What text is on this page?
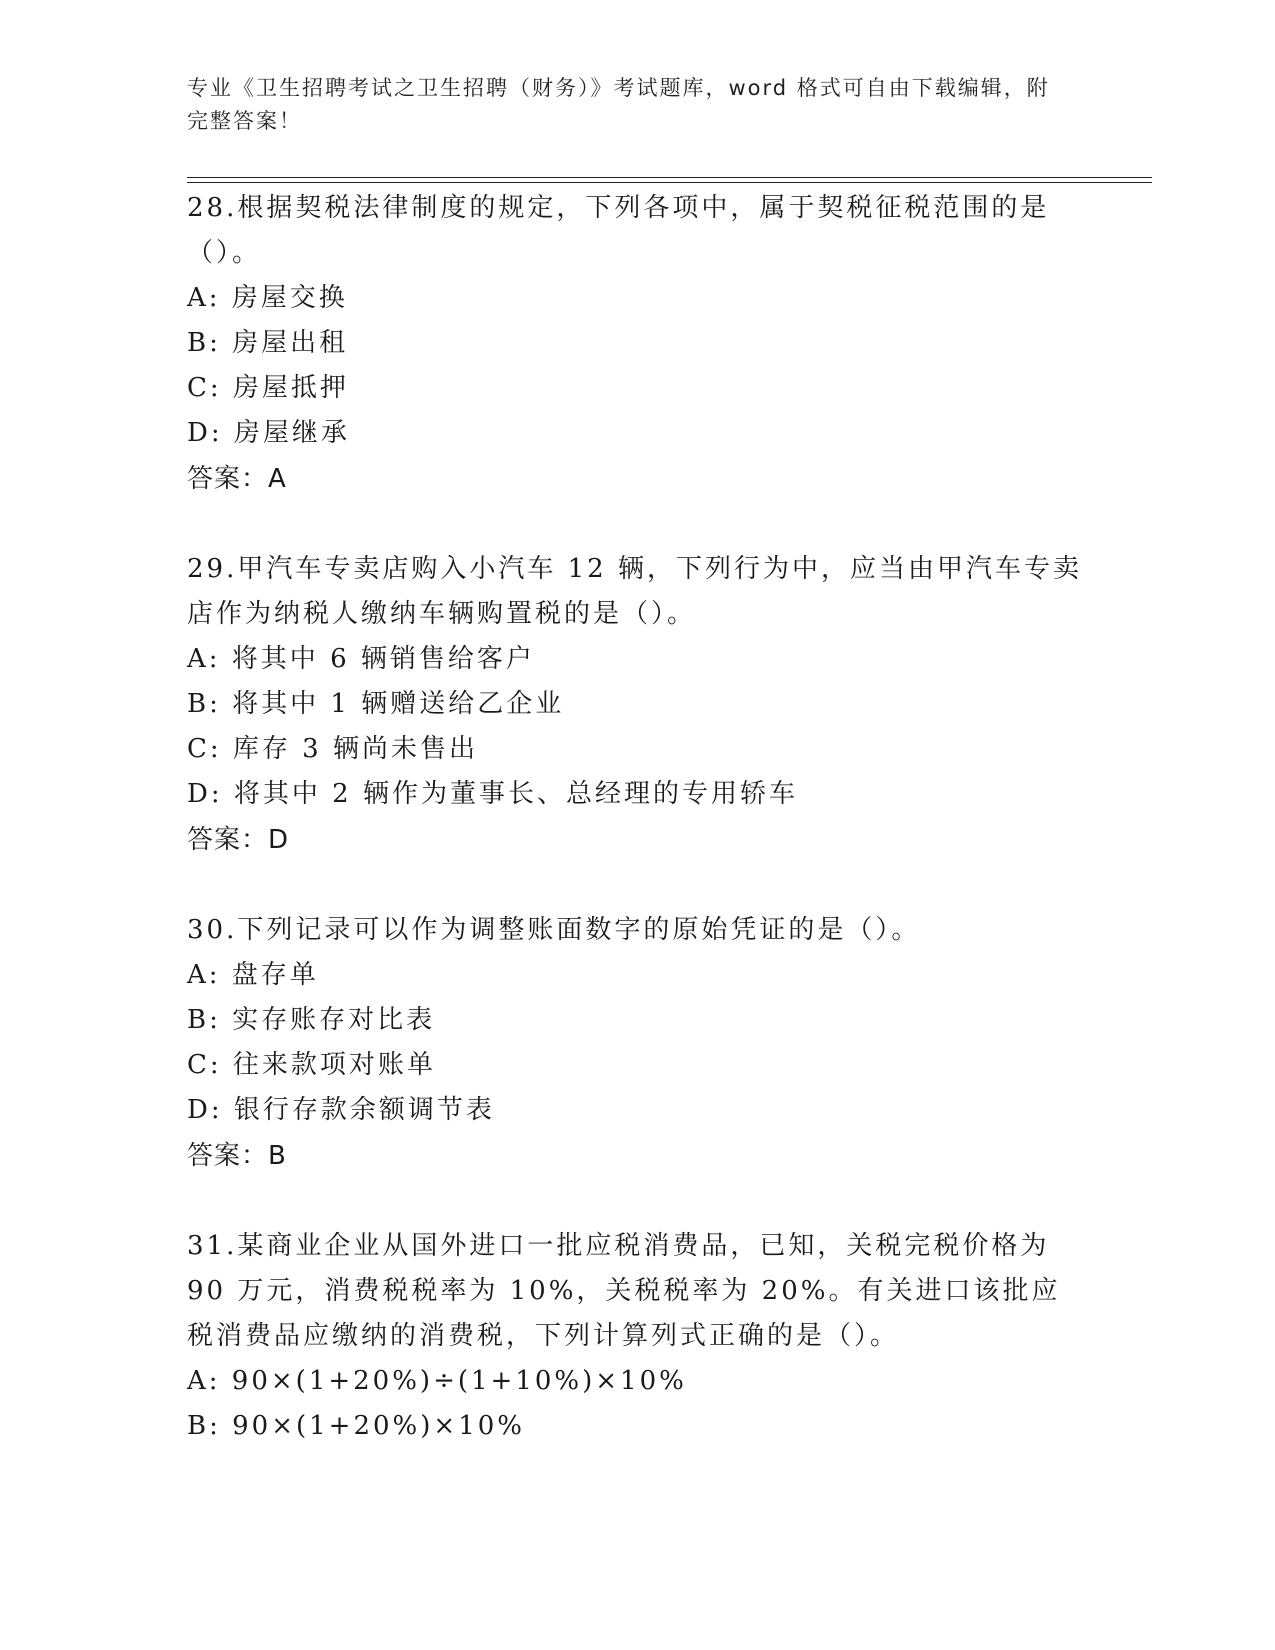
专业《卫生招聘考试之卫生招聘（财务）》考试题库，word 格式可自由下载编辑，附完整答案！

28.根据契税法律制度的规定，下列各项中，属于契税征税范围的是（）。

A: 房屋交换

B: 房屋出租

C: 房屋抵押

D: 房屋继承

答案：A

29.甲汽车专卖店购入小汽车 12 辆，下列行为中，应当由甲汽车专卖店作为纳税人缴纳车辆购置税的是（）。

A: 将其中 6 辆销售给客户

B: 将其中 1 辆赠送给乙企业

C: 库存 3 辆尚未售出

D: 将其中 2 辆作为董事长、总经理的专用轿车

答案：D

30.下列记录可以作为调整账面数字的原始凭证的是（）。

A: 盘存单

B: 实存账存对比表

C: 往来款项对账单

D: 银行存款余额调节表

答案：B

31.某商业企业从国外进口一批应税消费品，已知，关税完税价格为 90 万元，消费税税率为 10%，关税税率为 20%。有关进口该批应税消费品应缴纳的消费税，下列计算列式正确的是（）。

A: 90×(1+20%)÷(1+10%)×10%

B: 90×(1+20%)×10%
